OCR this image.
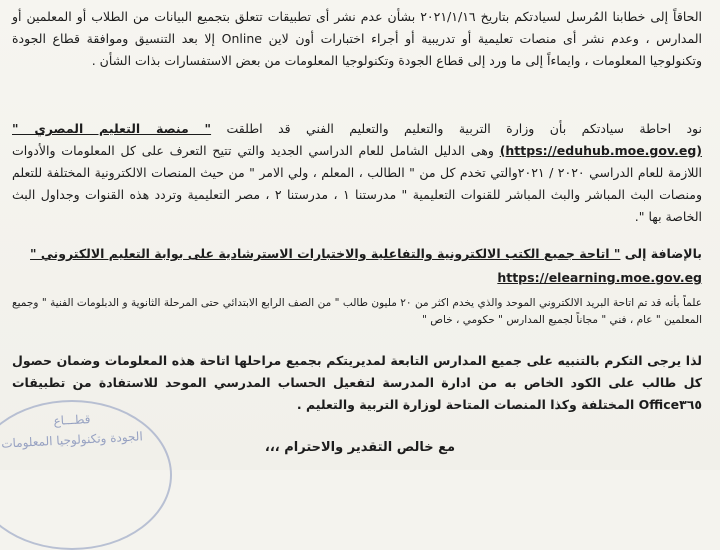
الحاقاً إلى خطابنا المُرسل لسيادتكم بتاريخ ٢٠٢١/١/١٦ بشأن عدم نشر أى تطبيقات تتعلق بتجميع البيانات من الطلاب أو المعلمين أو المدارس ، وعدم نشر أى منصات تعليمية أو تدريبية أو أجراء اختبارات أون لاين Online إلا بعد التنسيق وموافقة قطاع الجودة وتكنولوجيا المعلومات ، وايماءاً إلى ما ورد إلى قطاع الجودة وتكنولوجيا المعلومات من بعض الاستفسارات بذات الشأن .
نود احاطة سيادتكم بأن وزارة التربية والتعليم والتعليم الفني قد اطلقت " منصة التعليم المصري " (https://eduhub.moe.gov.eg) وهى الدليل الشامل للعام الدراسي الجديد والتي تتيح التعرف على كل المعلومات والأدوات اللازمة للعام الدراسي ٢٠٢٠ / ٢٠٢١والتي تخدم كل من " الطالب ، المعلم ، ولي الامر " من حيث المنصات الالكترونية المختلفة للتعلم ومنصات البث المباشر والبث المباشر للقنوات التعليمية " مدرستنا ١ ، مدرستنا ٢ ، مصر التعليمية وتردد هذه القنوات وجداول البث الخاصة بها ".
بالإضافة إلى " اتاحة جميع الكتب الالكترونية والتفاعلية والاختبارات الاسترشادية على بوابة التعليم الالكتروني "
https://elearning.moe.gov.eg
علماً بأنه قد تم اتاحة البريد الالكتروني الموحد والذي يخدم اكثر من ٢٠ مليون طالب " من الصف الرابع الابتدائي حتى المرحلة الثانوية و الدبلومات الفنية " وجميع المعلمين " عام ، فني " مجاناً لجميع المدارس " حكومي ، خاص "
لذا يرجى التكرم بالتنبيه على جميع المدارس التابعة لمديريتكم بجميع مراحلها اتاحة هذه المعلومات وضمان حصول كل طالب على الكود الخاص به من ادارة المدرسة لتفعيل الحساب المدرسي الموحد للاستفادة من تطبيقات Office٣٦٥ المختلفة وكذا المنصات المتاحة لوزارة التربية والتعليم .
مع خالص التقدير والاحترام ،،،
قطـــاع
الجودة وتكنولوجيا المعلومات
